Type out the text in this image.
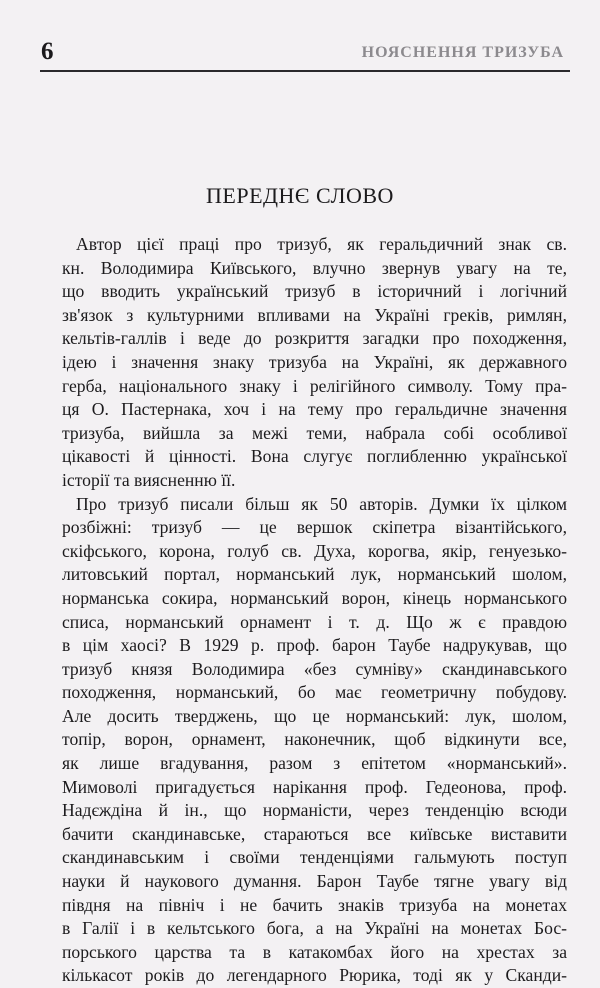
6	НОЯСНЕННЯ ТРИЗУБА
ПЕРЕДНЄ СЛОВО
Автор цієї праці про тризуб, як геральдичний знак св.
кн. Володимира Київського, влучно звернув увагу на те,
що вводить український тризуб в історичний і логічний
зв'язок з культурними впливами на Україні греків, римлян,
кельтів-галлів і веде до розкриття загадки про походження,
ідею і значення знаку тризуба на Україні, як державного
герба, національного знаку і релігійного символу. Тому пра-
ця О. Пастернака, хоч і на тему про геральдичне значення
тризуба, вийшла за межі теми, набрала собі особливої
цікавості й цінності. Вона слугує поглибленню української
історії та виясненню її.
Про тризуб писали більш як 50 авторів. Думки їх цілком
розбіжні: тризуб — це вершок скіпетра візантійського,
скіфського, корона, голуб св. Духа, корогва, якір, генуезько-
литовський портал, норманський лук, норманський шолом,
норманська сокира, норманський ворон, кінець норманського
списа, норманський орнамент і т. д. Що ж є правдою
в цім хаосі? В 1929 р. проф. барон Таубе надрукував, що
тризуб князя Володимира «без сумніву» скандинавського
походження, норманський, бо має геометричну побудову.
Але досить тверджень, що це норманський: лук, шолом,
топір, ворон, орнамент, наконечник, щоб відкинути все,
як лише вгадування, разом з епітетом «норманський».
Мимоволі пригадується нарікання проф. Гедеонова, проф.
Надєждіна й ін., що норманісти, через тенденцію всюди
бачити скандинавське, стараються все київське виставити
скандинавським і своїми тенденціями гальмують поступ
науки й наукового думання. Барон Таубе тягне увагу від
півдня на північ і не бачить знаків тризуба на монетах
в Галії і в кельтського бога, а на Україні на монетах Бос-
порського царства та в катакомбах його на хрестах за
кількасот років до легендарного Рюрика, тоді як у Сканди-
